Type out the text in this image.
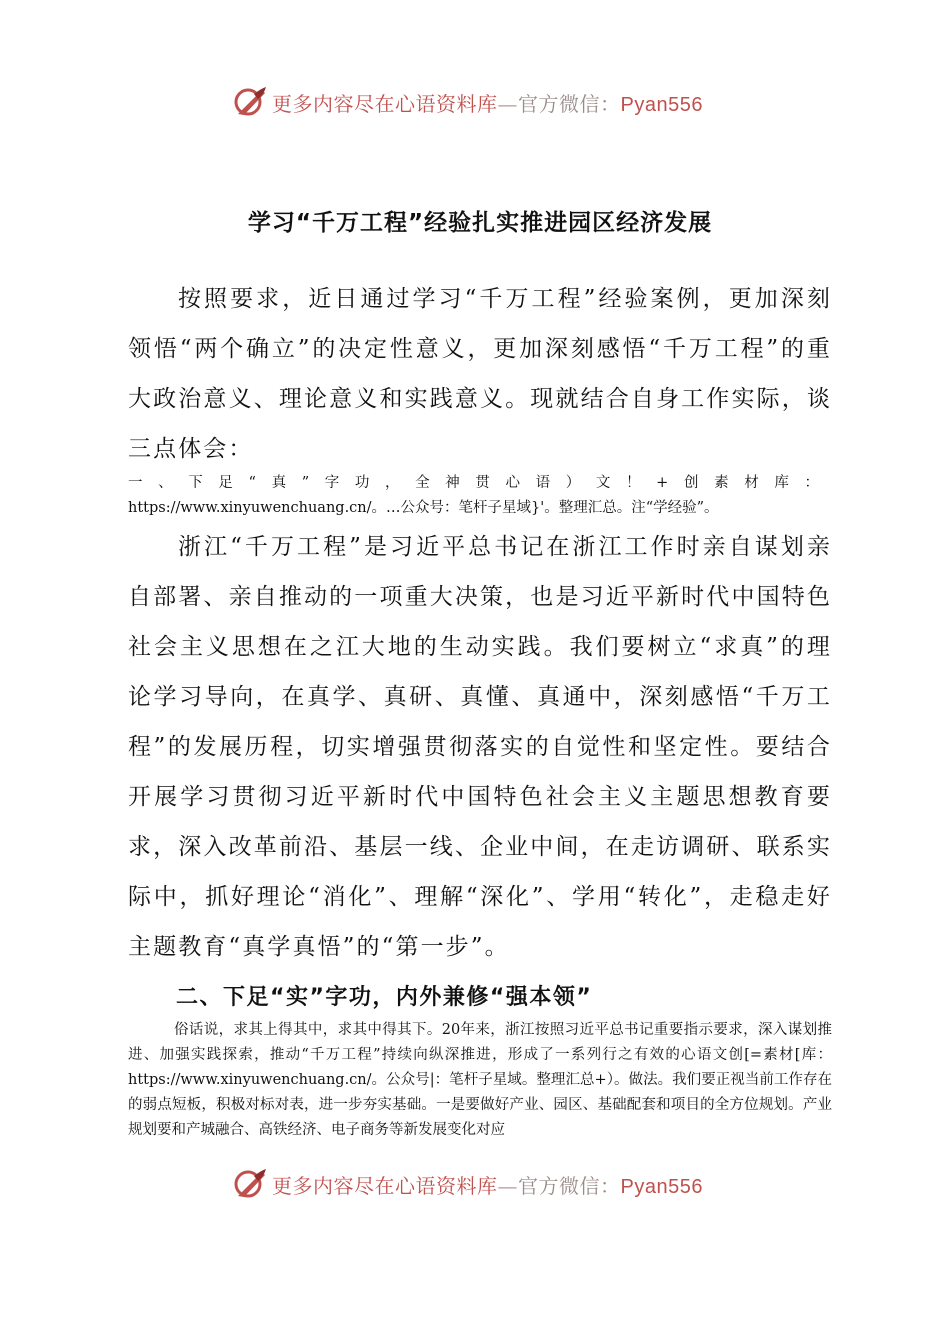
更多内容尽在心语资料库—官方微信：Pyan556
学习“千万工程”经验扎实推进园区经济发展

按照要求，近日通过学习“千万工程”经验案例，更加深刻领悟“两个确立”的决定性意义，更加深刻感悟“千万工程”的重大政治意义、理论意义和实践意义。现就结合自身工作实际，谈三点体会：

一、下足“真”字功，全神贯心语）文！+创素材库： https://www.xinyuwenchuang.cn/。…公众号：笔杆子星域}'。整理汇总。注“学经验”。

浙江“千万工程”是习近平总书记在浙江工作时亲自谋划亲自部署、亲自推动的一项重大决策，也是习近平新时代中国特色社会主义思想在之江大地的生动实践。我们要树立“求真”的理论学习导向，在真学、真研、真懂、真通中，深刻感悟“千万工程”的发展历程，切实增强贯彻落实的自觉性和坚定性。要结合开展学习贯彻习近平新时代中国特色社会主义主题思想教育要求，深入改革前沿、基层一线、企业中间，在走访调研、联系实际中，抓好理论“消化”、理解“深化”、学用“转化”，走稳走好主题教育“真学真悟”的“第一步”。

二、下足“实”字功，内外兼修“强本领”

俗话说，求其上得其中，求其中得其下。20年来，浙江按照习近平总书记重要指示要求，深入谋划推进、加强实践探索，推动“千万工程”持续向纵深推进，形成了一系列行之有效的心语文创[=素材[库：https://www.xinyuwenchuang.cn/。公众号|：笔杆子星域。整理汇总+）。做法。我们要正视当前工作存在的弱点短板，积极对标对表，进一步夯实基础。一是要做好产业、园区、基础配套和项目的全方位规划。产业规划要和产城融合、高铁经济、电子商务等新发展变化对应

更多内容尽在心语资料库—官方微信：Pyan556
